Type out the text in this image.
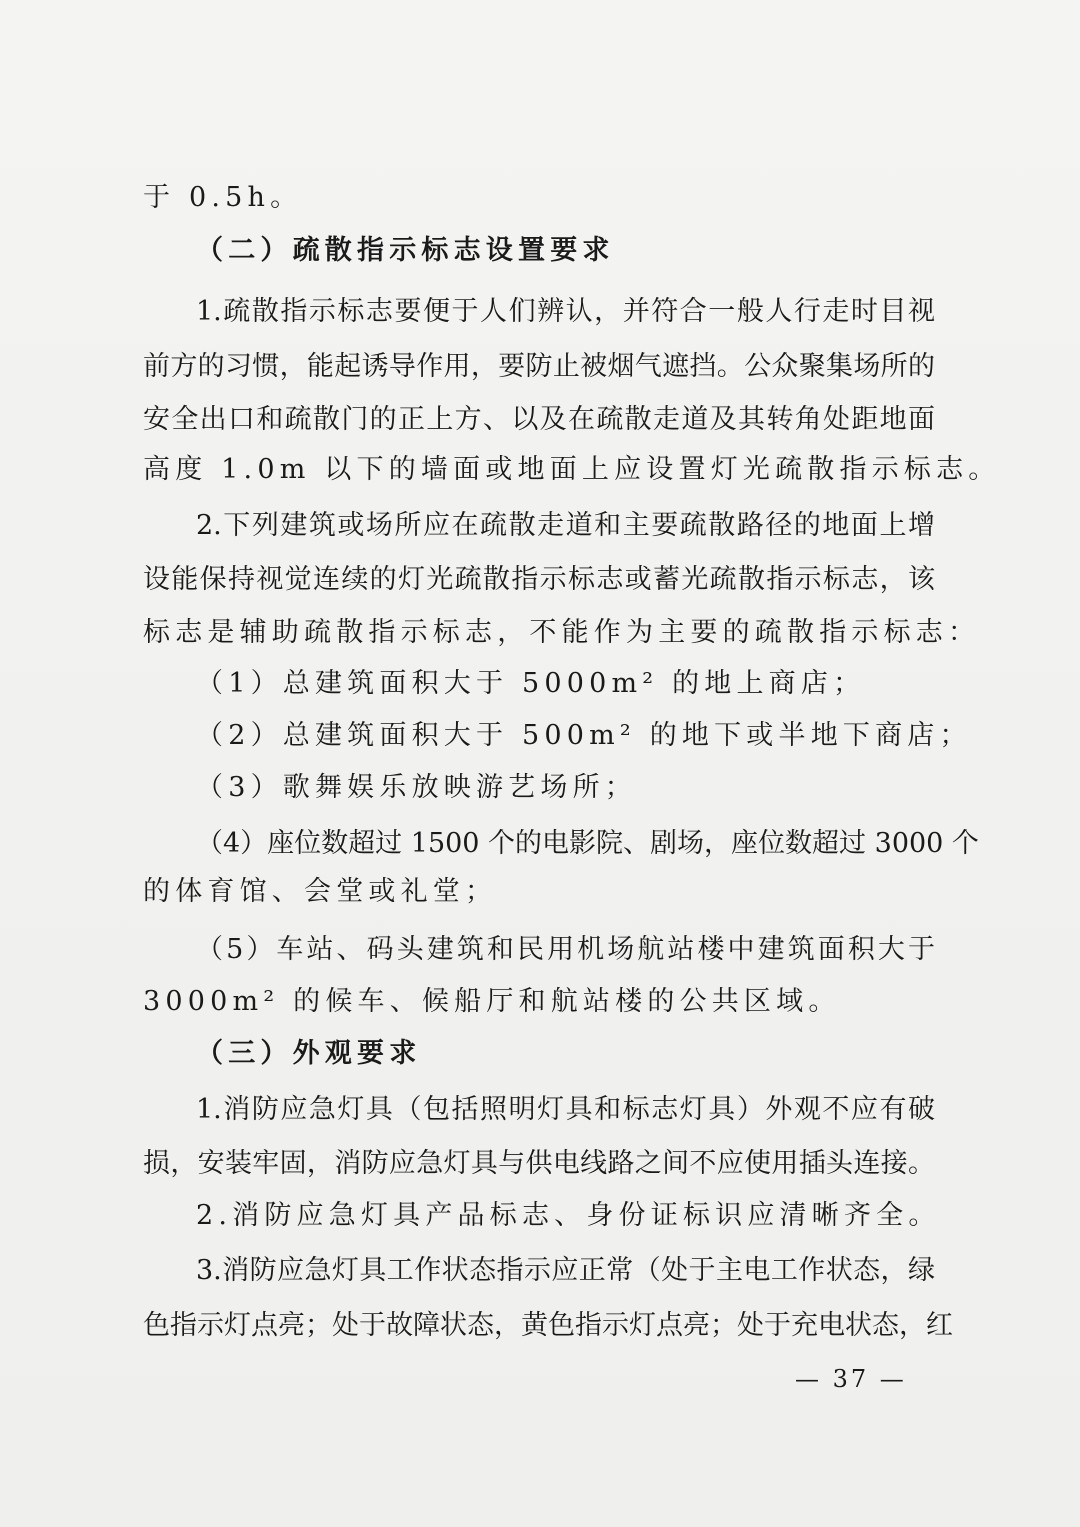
于 0.5h。
（二）疏散指示标志设置要求
1.疏散指示标志要便于人们辨认，并符合一般人行走时目视
前方的习惯，能起诱导作用，要防止被烟气遮挡。公众聚集场所的
安全出口和疏散门的正上方、以及在疏散走道及其转角处距地面
高度 1.0m 以下的墙面或地面上应设置灯光疏散指示标志。
2.下列建筑或场所应在疏散走道和主要疏散路径的地面上增
设能保持视觉连续的灯光疏散指示标志或蓄光疏散指示标志，该
标志是辅助疏散指示标志，不能作为主要的疏散指示标志：
（1）总建筑面积大于 5000m² 的地上商店；
（2）总建筑面积大于 500m² 的地下或半地下商店；
（3）歌舞娱乐放映游艺场所；
（4）座位数超过 1500 个的电影院、剧场，座位数超过 3000 个
的体育馆、会堂或礼堂；
（5）车站、码头建筑和民用机场航站楼中建筑面积大于
3000m² 的候车、候船厅和航站楼的公共区域。
（三）外观要求
1.消防应急灯具（包括照明灯具和标志灯具）外观不应有破
损，安装牢固，消防应急灯具与供电线路之间不应使用插头连接。
2.消防应急灯具产品标志、身份证标识应清晰齐全。
3.消防应急灯具工作状态指示应正常（处于主电工作状态，绿
色指示灯点亮；处于故障状态，黄色指示灯点亮；处于充电状态，红
— 37 —
